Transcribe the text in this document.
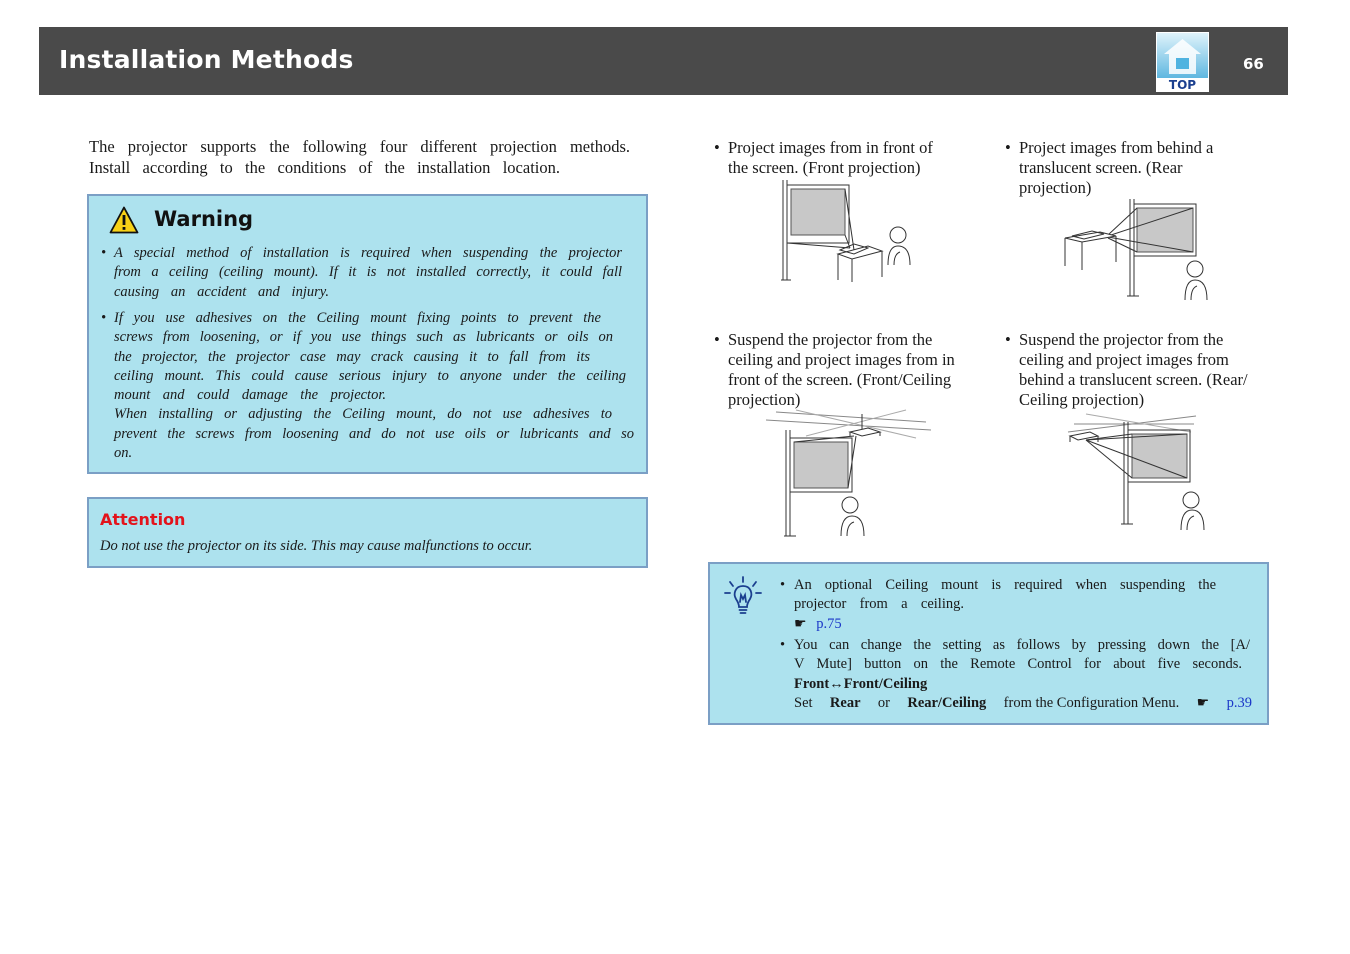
Installation Methods
TOP
66
The projector supports the following four different projection methods.
Install according to the conditions of the installation location.
Warning
• A special method of installation is required when suspending the projector
from a ceiling (ceiling mount). If it is not installed correctly, it could fall
causing an accident and injury.
• If you use adhesives on the Ceiling mount fixing points to prevent the
screws from loosening, or if you use things such as lubricants or oils on
the projector, the projector case may crack causing it to fall from its
ceiling mount. This could cause serious injury to anyone under the ceiling
mount and could damage the projector.
When installing or adjusting the Ceiling mount, do not use adhesives to
prevent the screws from loosening and do not use oils or lubricants and so
on.
Attention
Do not use the projector on its side. This may cause malfunctions to occur.
• Project images from in front of
the screen. (Front projection)
• Project images from behind a
translucent screen. (Rear
projection)
• Suspend the projector from the
ceiling and project images from in
front of the screen. (Front/Ceiling
projection)
• Suspend the projector from the
ceiling and project images from
behind a translucent screen. (Rear/
Ceiling projection)
• An optional Ceiling mount is required when suspending the
projector from a ceiling.
☛ p.75
• You can change the setting as follows by pressing down the [A/
V Mute] button on the Remote Control for about five seconds.
Front↔Front/Ceiling
Set Rear or Rear/Ceiling from the Configuration Menu. ☛ p.39
